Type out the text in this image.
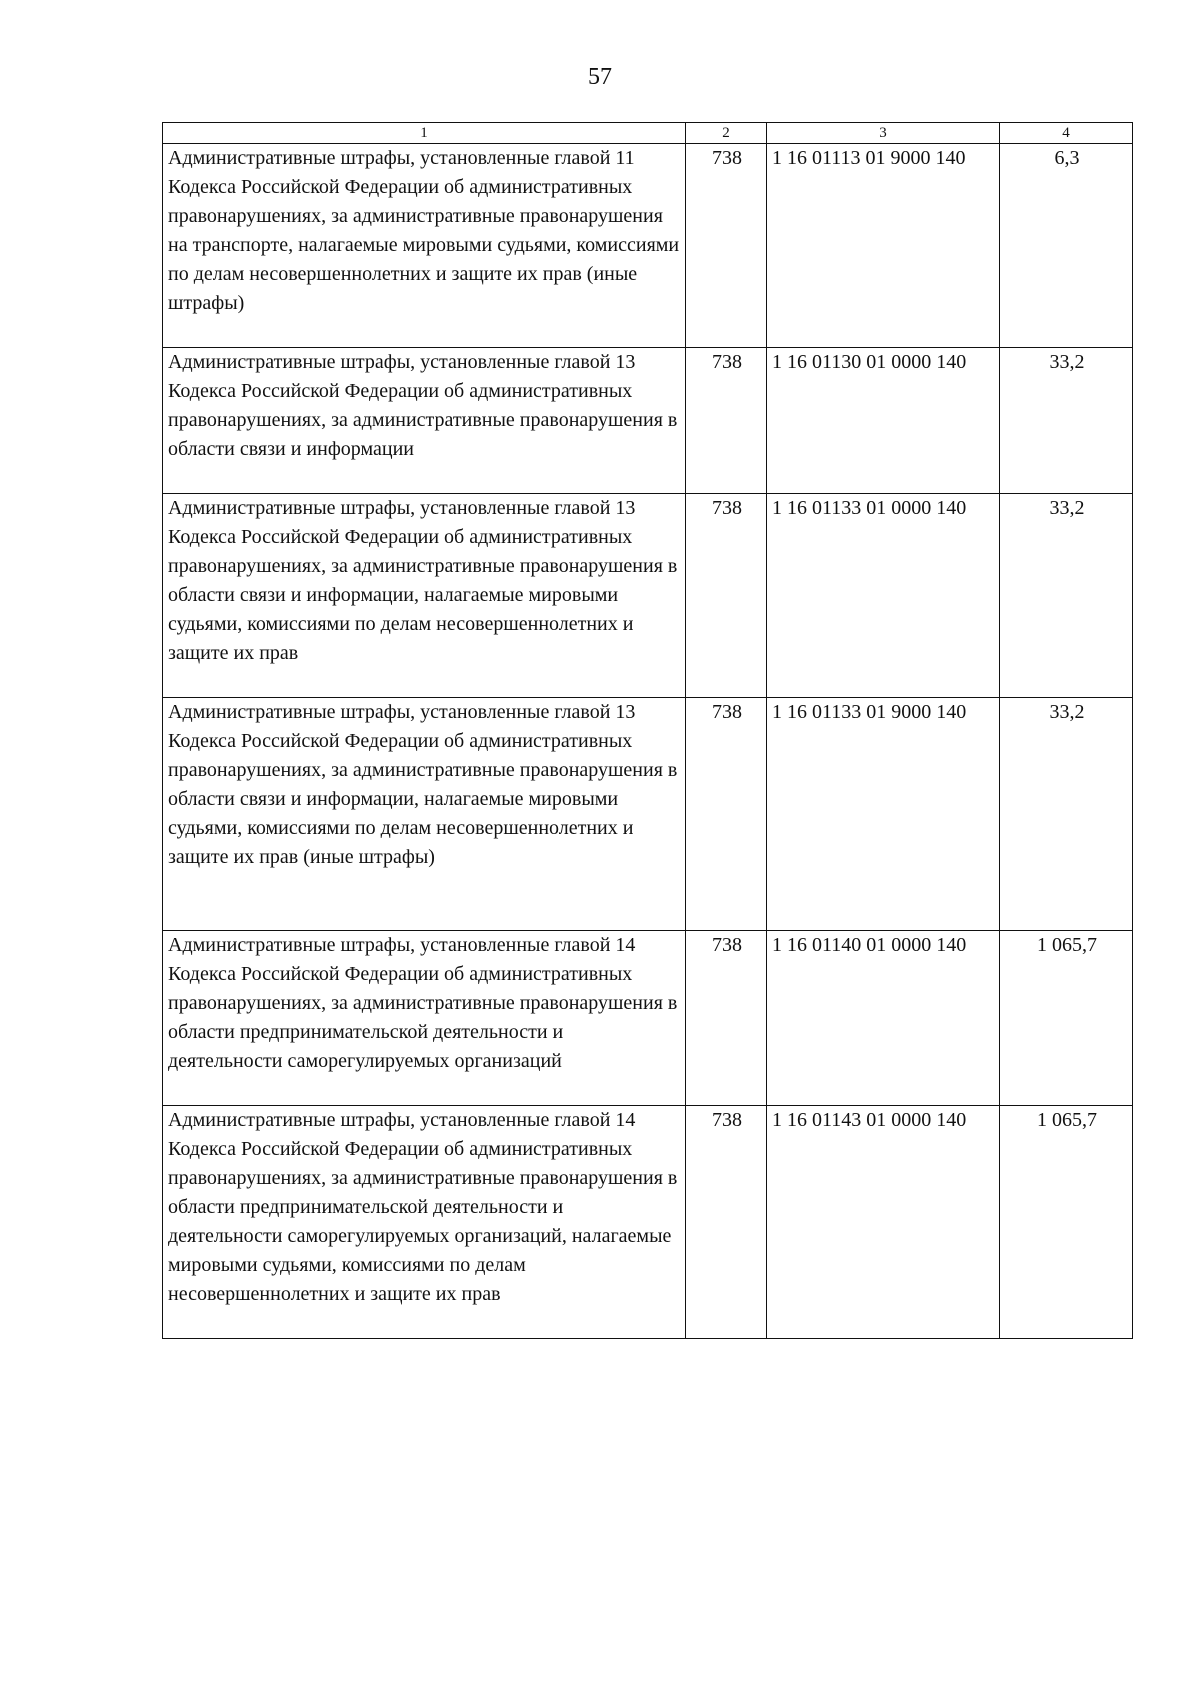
57
1	2	3	4
Административные штрафы, установленные главой 11 Кодекса Российской Федерации об административных правонарушениях, за административные правонарушения на транспорте, налагаемые мировыми судьями, комиссиями по делам несовершеннолетних и защите их прав (иные штрафы)	738	1 16 01113 01 9000 140	6,3
Административные штрафы, установленные главой 13 Кодекса Российской Федерации об административных правонарушениях, за административные правонарушения в области связи и информации	738	1 16 01130 01 0000 140	33,2
Административные штрафы, установленные главой 13 Кодекса Российской Федерации об административных правонарушениях, за административные правонарушения в области связи и информации, налагаемые мировыми судьями, комиссиями по делам несовершеннолетних и защите их прав	738	1 16 01133 01 0000 140	33,2
Административные штрафы, установленные главой 13 Кодекса Российской Федерации об административных правонарушениях, за административные правонарушения в области связи и информации, налагаемые мировыми судьями, комиссиями по делам несовершеннолетних и защите их прав (иные штрафы)	738	1 16 01133 01 9000 140	33,2
Административные штрафы, установленные главой 14 Кодекса Российской Федерации об административных правонарушениях, за административные правонарушения в области предпринимательской деятельности и деятельности саморегулируемых организаций	738	1 16 01140 01 0000 140	1 065,7
Административные штрафы, установленные главой 14 Кодекса Российской Федерации об административных правонарушениях, за административные правонарушения в области предпринимательской деятельности и деятельности саморегулируемых организаций, налагаемые мировыми судьями, комиссиями по делам несовершеннолетних и защите их прав	738	1 16 01143 01 0000 140	1 065,7
